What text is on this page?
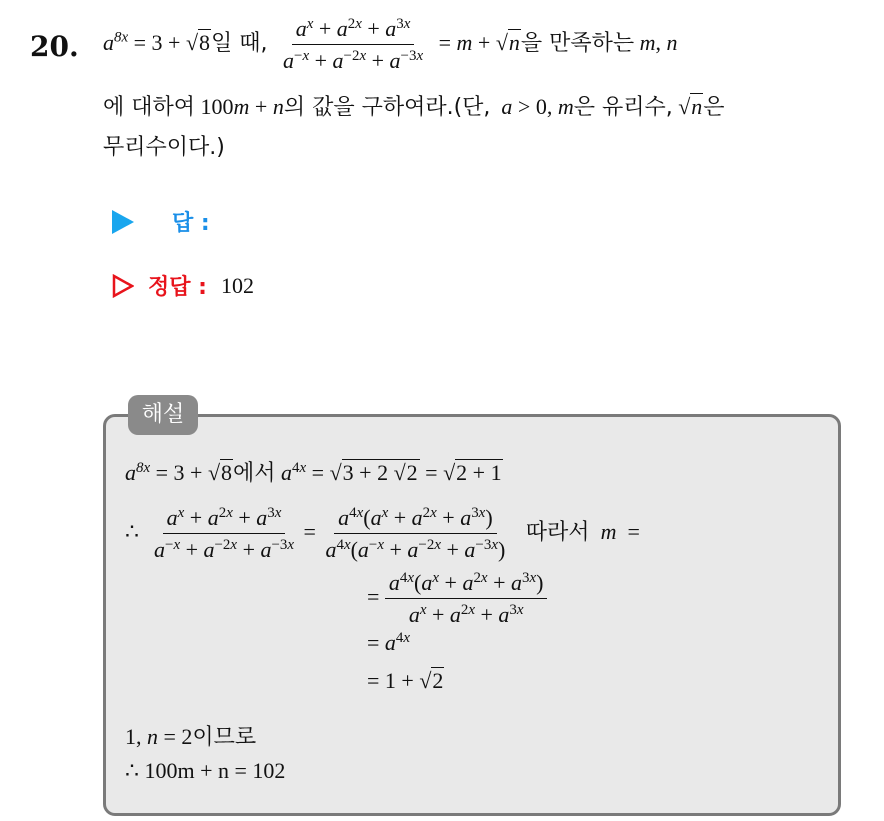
20. $a^{8x} = 3 + √8$일 때, $\frac{a^x + a^{2x} + a^{3x}}{a^{-x} + a^{-2x} + a^{-3x}} = m + √n$을 만족하는 m, n
에 대하여 100m + n의 값을 구하여라.(단, a > 0, m은 유리수, √n은
무리수이다.)
답 :
정답 : 102
해설
$a^{8x} = 3 + √8$에서 $a^{4x} = √3 + 2$ √2 = √2 + 1
∴ $\frac{a^x + a^{2x} + a^{3x}}{a^{-x} + a^{-2x} + a^{-3x}} = \frac{a^{4x}(a^x + a^{2x} + a^{3x})}{a^{4x}(a^{-x} + a^{-2x} + a^{-3x})}$ 따라서 m  =
= $\frac{a^{4x}(a^x + a^{2x} + a^{3x})}{a^x + a^{2x} + a^{3x}}$
= $a^{4x}$
= 1 + √2
1, n = 2이므로
∴ 100m + n = 102
